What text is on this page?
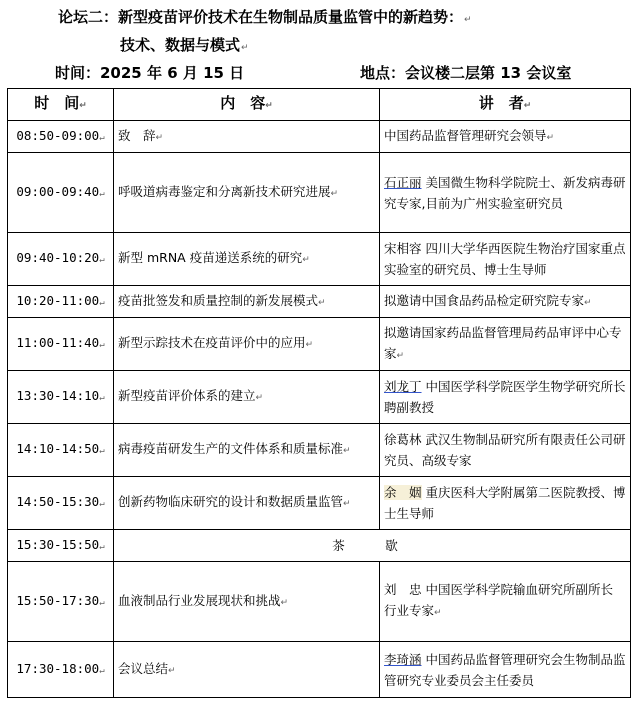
论坛二：新型疫苗评价技术在生物制品质量监管中的新趋势：↵
技术、数据与模式↵
时间：2025 年 6 月 15 日	地点：会议楼二层第 13 会议室
时　间↵	内　容↵	讲　者↵
08:50-09:00↵	致　辞↵	中国药品监督管理研究会领导↵
09:00-09:40↵	呼吸道病毒鉴定和分离新技术研究进展↵	石正丽 美国微生物科学院院士、新发病毒研究专家,目前为广州实验室研究员
09:40-10:20↵	新型 mRNA 疫苗递送系统的研究↵	宋相容 四川大学华西医院生物治疗国家重点实验室的研究员、博士生导师
10:20-11:00↵	疫苗批签发和质量控制的新发展模式↵	拟邀请中国食品药品检定研究院专家↵
11:00-11:40↵	新型示踪技术在疫苗评价中的应用↵	拟邀请国家药品监督管理局药品审评中心专家↵
13:30-14:10↵	新型疫苗评价体系的建立↵	刘龙丁 中国医学科学院医学生物学研究所长聘副教授
14:10-14:50↵	病毒疫苗研发生产的文件体系和质量标准↵	徐葛林 武汉生物制品研究所有限责任公司研究员、高级专家
14:50-15:30↵	创新药物临床研究的设计和数据质量监管↵	余　姻 重庆医科大学附属第二医院教授、博士生导师
15:30-15:50↵	茶　歇	
15:50-17:30↵	血液制品行业发展现状和挑战↵	刘　忠 中国医学科学院输血研究所副所长
行业专家↵
17:30-18:00↵	会议总结↵	李琦涵 中国药品监督管理研究会生物制品监管研究专业委员会主任委员
